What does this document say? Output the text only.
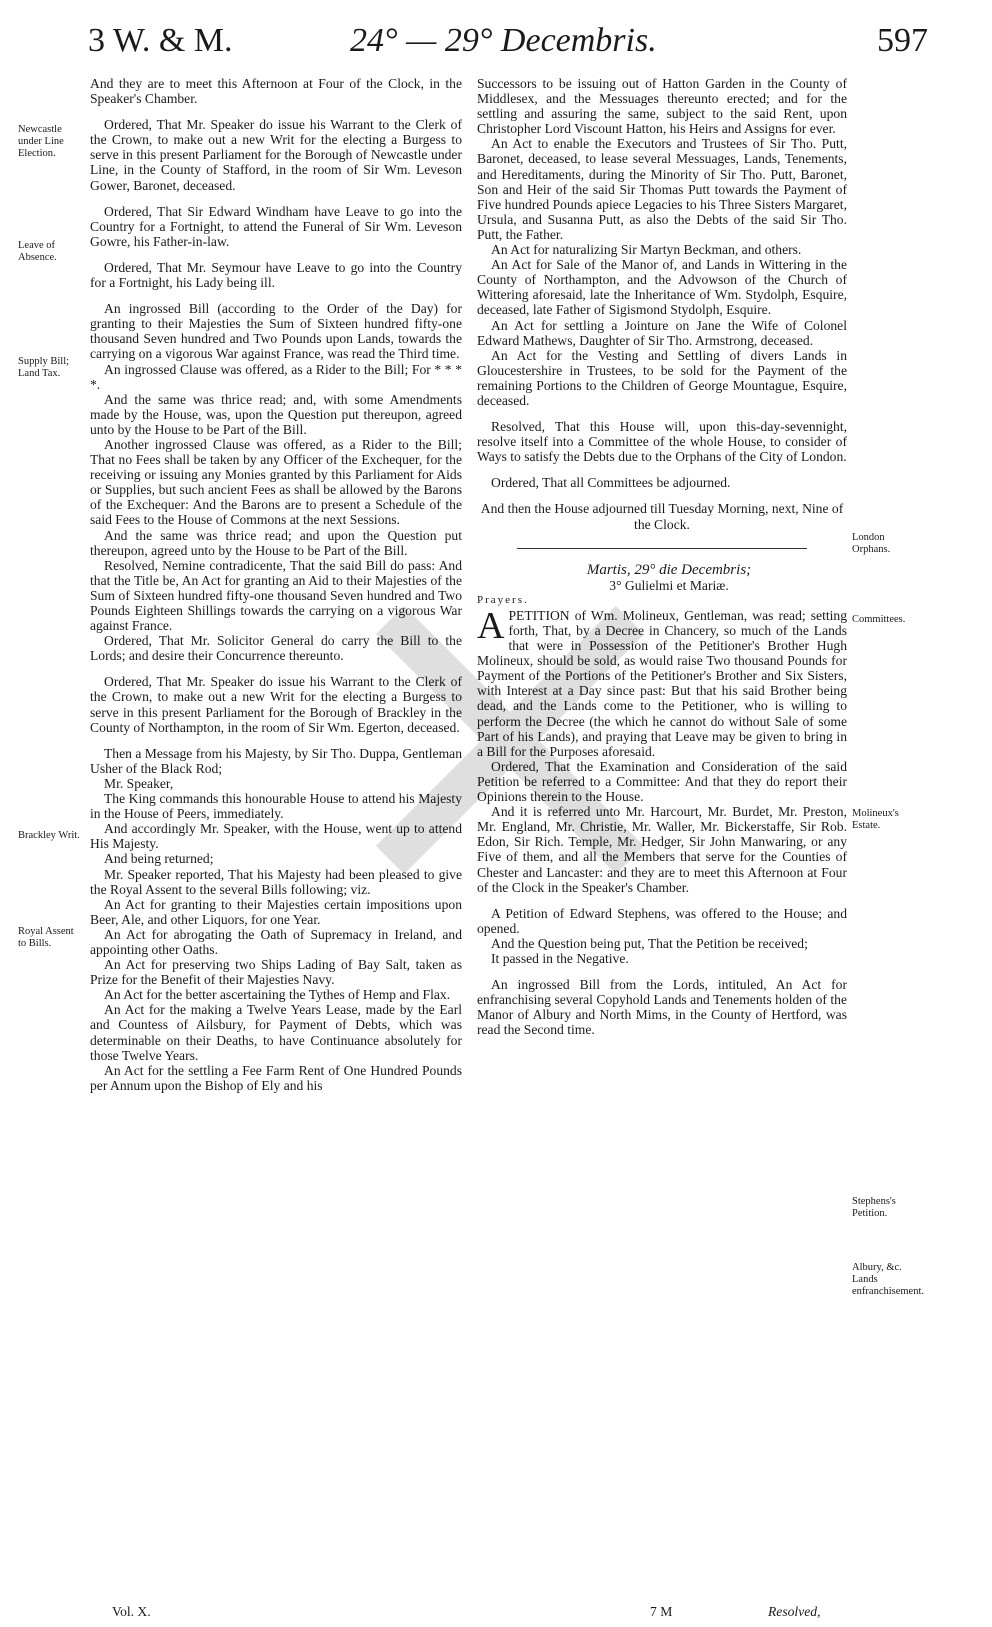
3 W. & M.	24° — 29° Decembris.	597
Newcastle under Line Election.
Leave of Absence.
Supply Bill; Land Tax.
Brackley Writ.
Royal Assent to Bills.
London Orphans.
Committees.
Molineux's Estate.
Stephens's Petition.
Albury, &c. Lands enfranchisement.

And they are to meet this Afternoon at Four of the Clock, in the Speaker's Chamber.

Ordered, That Mr. Speaker do issue his Warrant to the Clerk of the Crown, to make out a new Writ for the electing a Burgess to serve in this present Parliament for the Borough of Newcastle under Line, in the County of Stafford, in the room of Sir Wm. Leveson Gower, Baronet, deceased.

Ordered, That Sir Edward Windham have Leave to go into the Country for a Fortnight, to attend the Funeral of Sir Wm. Leveson Gowre, his Father-in-law.

Ordered, That Mr. Seymour have Leave to go into the Country for a Fortnight, his Lady being ill.

An ingrossed Bill (according to the Order of the Day) for granting to their Majesties the Sum of Sixteen hundred fifty-one thousand Seven hundred and Two Pounds upon Lands, towards the carrying on a vigorous War against France, was read the Third time.

An ingrossed Clause was offered, as a Rider to the Bill; For * * * *.

And the same was thrice read; and, with some Amendments made by the House, was, upon the Question put thereupon, agreed unto by the House to be Part of the Bill.

Another ingrossed Clause was offered, as a Rider to the Bill; That no Fees shall be taken by any Officer of the Exchequer, for the receiving or issuing any Monies granted by this Parliament for Aids or Supplies, but such ancient Fees as shall be allowed by the Barons of the Exchequer: And the Barons are to present a Schedule of the said Fees to the House of Commons at the next Sessions.

And the same was thrice read; and upon the Question put thereupon, agreed unto by the House to be Part of the Bill.

Resolved, Nemine contradicente, That the said Bill do pass: And that the Title be, An Act for granting an Aid to their Majesties of the Sum of Sixteen hundred fifty-one thousand Seven hundred and Two Pounds Eighteen Shillings towards the carrying on a vigorous War against France.

Ordered, That Mr. Solicitor General do carry the Bill to the Lords; and desire their Concurrence thereunto.

Ordered, That Mr. Speaker do issue his Warrant to the Clerk of the Crown, to make out a new Writ for the electing a Burgess to serve in this present Parliament for the Borough of Brackley in the County of Northampton, in the room of Sir Wm. Egerton, deceased.

Then a Message from his Majesty, by Sir Tho. Duppa, Gentleman Usher of the Black Rod;

Mr. Speaker,

The King commands this honourable House to attend his Majesty in the House of Peers, immediately.

And accordingly Mr. Speaker, with the House, went up to attend His Majesty.

And being returned;

Mr. Speaker reported, That his Majesty had been pleased to give the Royal Assent to the several Bills following; viz.

An Act for granting to their Majesties certain impositions upon Beer, Ale, and other Liquors, for one Year.

An Act for abrogating the Oath of Supremacy in Ireland, and appointing other Oaths.

An Act for preserving two Ships Lading of Bay Salt, taken as Prize for the Benefit of their Majesties Navy.

An Act for the better ascertaining the Tythes of Hemp and Flax.

An Act for the making a Twelve Years Lease, made by the Earl and Countess of Ailsbury, for Payment of Debts, which was determinable on their Deaths, to have Continuance absolutely for those Twelve Years.

An Act for the settling a Fee Farm Rent of One Hundred Pounds per Annum upon the Bishop of Ely and his

Successors to be issuing out of Hatton Garden in the County of Middlesex, and the Messuages thereunto erected; and for the settling and assuring the same, subject to the said Rent, upon Christopher Lord Viscount Hatton, his Heirs and Assigns for ever.

An Act to enable the Executors and Trustees of Sir Tho. Putt, Baronet, deceased, to lease several Messuages, Lands, Tenements, and Hereditaments, during the Minority of Sir Tho. Putt, Baronet, Son and Heir of the said Sir Thomas Putt towards the Payment of Five hundred Pounds apiece Legacies to his Three Sisters Margaret, Ursula, and Susanna Putt, as also the Debts of the said Sir Tho. Putt, the Father.

An Act for naturalizing Sir Martyn Beckman, and others.

An Act for Sale of the Manor of, and Lands in Wittering in the County of Northampton, and the Advowson of the Church of Wittering aforesaid, late the Inheritance of Wm. Stydolph, Esquire, deceased, late Father of Sigismond Stydolph, Esquire.

An Act for settling a Jointure on Jane the Wife of Colonel Edward Mathews, Daughter of Sir Tho. Armstrong, deceased.

An Act for the Vesting and Settling of divers Lands in Gloucestershire in Trustees, to be sold for the Payment of the remaining Portions to the Children of George Mountague, Esquire, deceased.

Resolved, That this House will, upon this-day-sevennight, resolve itself into a Committee of the whole House, to consider of Ways to satisfy the Debts due to the Orphans of the City of London.

Ordered, That all Committees be adjourned.

And then the House adjourned till Tuesday Morning, next, Nine of the Clock.

Martis, 29° die Decembris;

3° Gulielmi et Mariæ.

Prayers.

APETITION of Wm. Molineux, Gentleman, was read; setting forth, That, by a Decree in Chancery, so much of the Lands that were in Possession of the Petitioner's Brother Hugh Molineux, should be sold, as would raise Two thousand Pounds for Payment of the Portions of the Petitioner's Brother and Six Sisters, with Interest at a Day since past: But that his said Brother being dead, and the Lands come to the Petitioner, who is willing to perform the Decree (the which he cannot do without Sale of some Part of his Lands), and praying that Leave may be given to bring in a Bill for the Purposes aforesaid.

Ordered, That the Examination and Consideration of the said Petition be referred to a Committee: And that they do report their Opinions therein to the House.

And it is referred unto Mr. Harcourt, Mr. Burdet, Mr. Preston, Mr. England, Mr. Christie, Mr. Waller, Mr. Bickerstaffe, Sir Rob. Edon, Sir Rich. Temple, Mr. Hedger, Sir John Manwaring, or any Five of them, and all the Members that serve for the Counties of Chester and Lancaster: and they are to meet this Afternoon at Four of the Clock in the Speaker's Chamber.

A Petition of Edward Stephens, was offered to the House; and opened.

And the Question being put, That the Petition be received;

It passed in the Negative.

An ingrossed Bill from the Lords, intituled, An Act for enfranchising several Copyhold Lands and Tenements holden of the Manor of Albury and North Mims, in the County of Hertford, was read the Second time.

Vol. X.	7 M	Resolved,
